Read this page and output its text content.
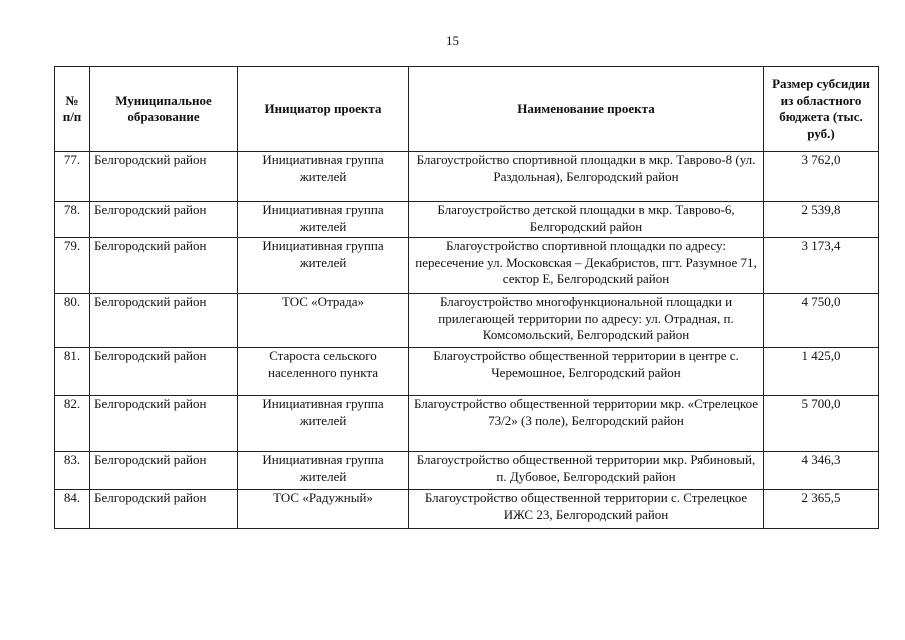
15
№ п/п	Муниципальное образование	Инициатор проекта	Наименование проекта	Размер субсидии из областного бюджета (тыс. руб.)
77.	Белгородский район	Инициативная группа жителей	Благоустройство спортивной площадки в мкр. Таврово-8 (ул. Раздольная), Белгородский район	3 762,0
78.	Белгородский район	Инициативная группа жителей	Благоустройство детской площадки в мкр. Таврово-6, Белгородский район	2 539,8
79.	Белгородский район	Инициативная группа жителей	Благоустройство спортивной площадки по адресу: пересечение ул. Московская – Декабристов, пгт. Разумное 71, сектор Е, Белгородский район	3 173,4
80.	Белгородский район	ТОС «Отрада»	Благоустройство многофункциональной площадки и прилегающей территории по адресу: ул. Отрадная, п. Комсомольский, Белгородский район	4 750,0
81.	Белгородский район	Староста сельского населенного пункта	Благоустройство общественной территории в центре с. Черемошное, Белгородский район	1 425,0
82.	Белгородский район	Инициативная группа жителей	Благоустройство общественной территории мкр. «Стрелецкое 73/2» (3 поле), Белгородский район	5 700,0
83.	Белгородский район	Инициативная группа жителей	Благоустройство общественной территории мкр. Рябиновый, п. Дубовое, Белгородский район	4 346,3
84.	Белгородский район	ТОС «Радужный»	Благоустройство общественной территории с. Стрелецкое ИЖС 23, Белгородский район	2 365,5
